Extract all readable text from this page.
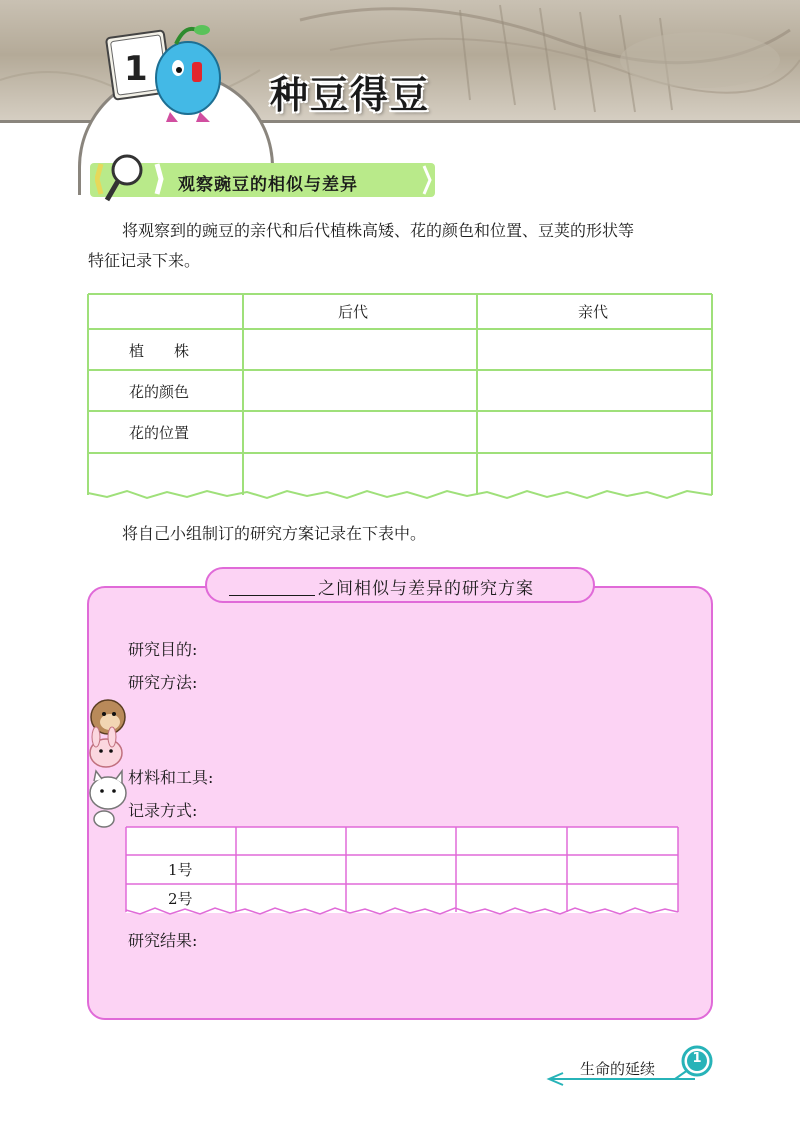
1
种豆得豆
观察豌豆的相似与差异
将观察到的豌豆的亲代和后代植株高矮、花的颜色和位置、豆荚的形状等
特征记录下来。
后代	亲代
植　　株
花的颜色
花的位置
将自己小组制订的研究方案记录在下表中。
之间相似与差异的研究方案
研究目的:
研究方法:
材料和工具:
记录方式:
研究结果:
1号
2号
生命的延续
1
